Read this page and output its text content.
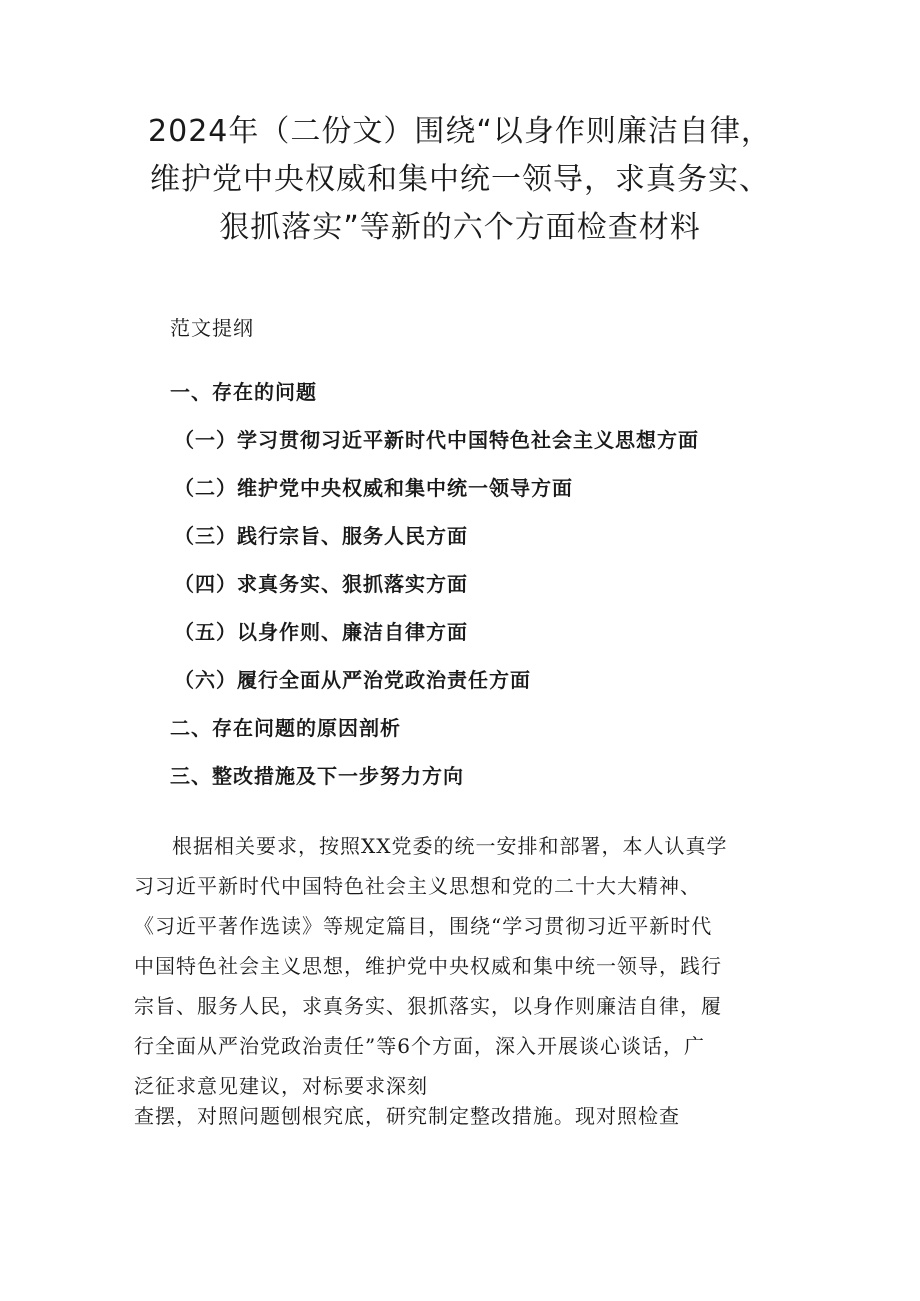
2024年（二份文）围绕“以身作则廉洁自律，
维护党中央权威和集中统一领导，求真务实、
狠抓落实”等新的六个方面检查材料
范文提纲
一、存在的问题
（一）学习贯彻习近平新时代中国特色社会主义思想方面
（二）维护党中央权威和集中统一领导方面
（三）践行宗旨、服务人民方面
（四）求真务实、狠抓落实方面
（五）以身作则、廉洁自律方面
（六）履行全面从严治党政治责任方面
二、存在问题的原因剖析
三、整改措施及下一步努力方向
根据相关要求，按照XX党委的统一安排和部署，本人认真学
习习近平新时代中国特色社会主义思想和党的二十大大精神、
《习近平著作选读》等规定篇目，围绕“学习贯彻习近平新时代
中国特色社会主义思想，维护党中央权威和集中统一领导，践行
宗旨、服务人民，求真务实、狠抓落实，以身作则廉洁自律，履
行全面从严治党政治责任”等6个方面，深入开展谈心谈话，广
泛征求意见建议，对标要求深刻
查摆，对照问题刨根究底，研究制定整改措施。现对照检查
